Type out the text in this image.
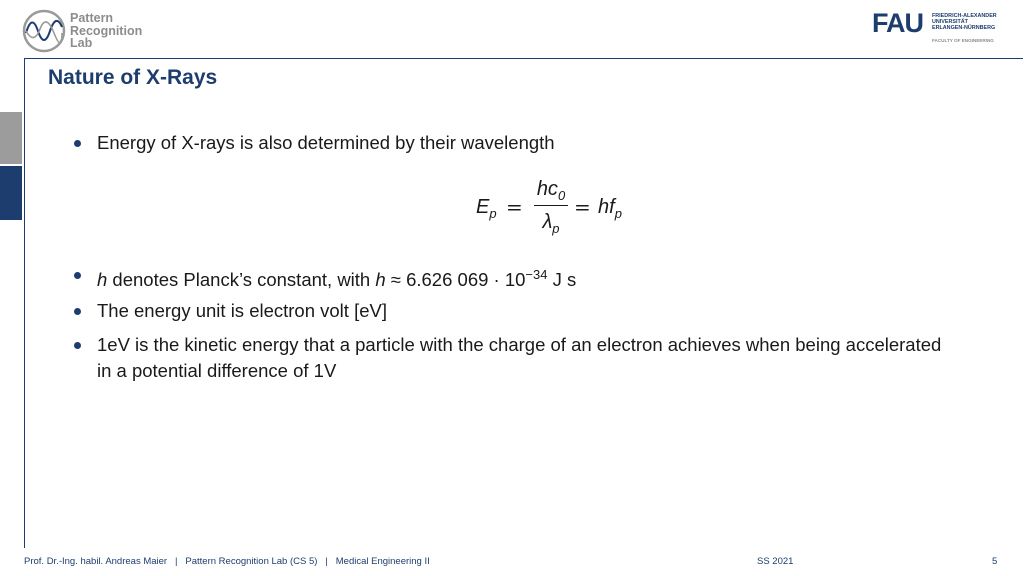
Pattern
Recognition
Lab
FAU FRIEDRICH-ALEXANDER
UNIVERSITÄT
ERLANGEN-NÜRNBERG
FACULTY OF ENGINEERING
Nature of X-Rays
Energy of X-rays is also determined by their wavelength
$E_p$ =
$hc_0$
$\lambda_p$
= $hf_p$
h denotes Planck’s constant, with h ≈ 6.626 $069 \cdot 10^{-34}$ J s
The energy unit is electron volt [eV]
1eV is the kinetic energy that a particle with the charge of an electron achieves when being accelerated in a potential difference of 1V
Prof. Dr.-Ing. habil. Andreas Maier | Pattern Recognition Lab (CS 5) | Medical Engineering II	SS 2021	5
